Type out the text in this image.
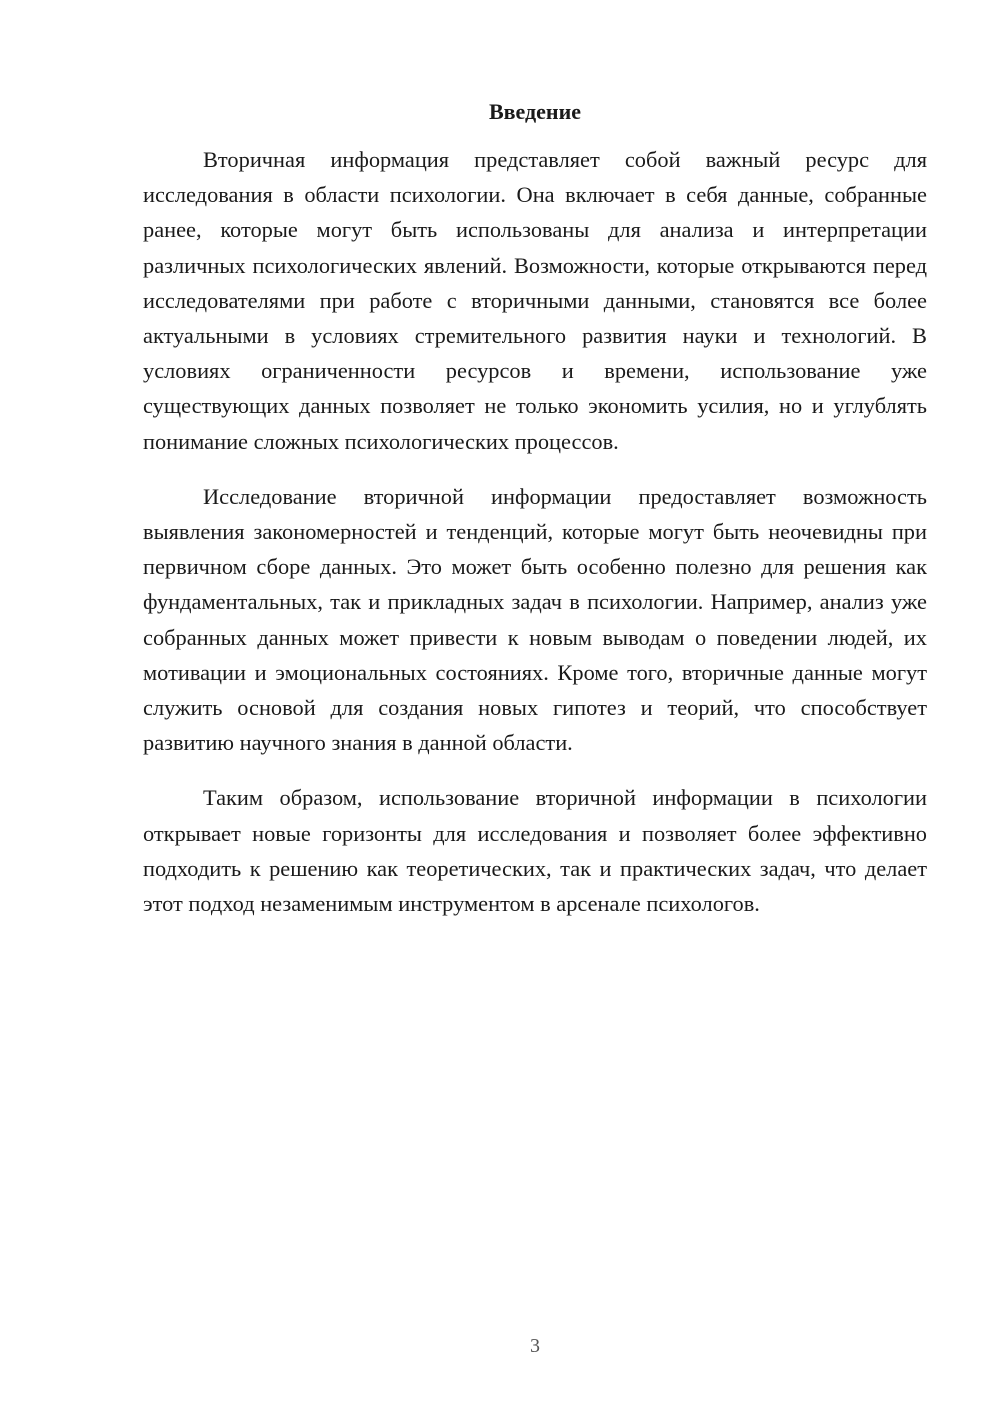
Введение

Вторичная информация представляет собой важный ресурс для исследования в области психологии. Она включает в себя данные, собранные ранее, которые могут быть использованы для анализа и интерпретации различных психологических явлений. Возможности, которые открываются перед исследователями при работе с вторичными данными, становятся все более актуальными в условиях стремительного развития науки и технологий. В условиях ограниченности ресурсов и времени, использование уже существующих данных позволяет не только экономить усилия, но и углублять понимание сложных психологических процессов.

Исследование вторичной информации предоставляет возможность выявления закономерностей и тенденций, которые могут быть неочевидны при первичном сборе данных. Это может быть особенно полезно для решения как фундаментальных, так и прикладных задач в психологии. Например, анализ уже собранных данных может привести к новым выводам о поведении людей, их мотивации и эмоциональных состояниях. Кроме того, вторичные данные могут служить основой для создания новых гипотез и теорий, что способствует развитию научного знания в данной области.

Таким образом, использование вторичной информации в психологии открывает новые горизонты для исследования и позволяет более эффективно подходить к решению как теоретических, так и практических задач, что делает этот подход незаменимым инструментом в арсенале психологов.

3
